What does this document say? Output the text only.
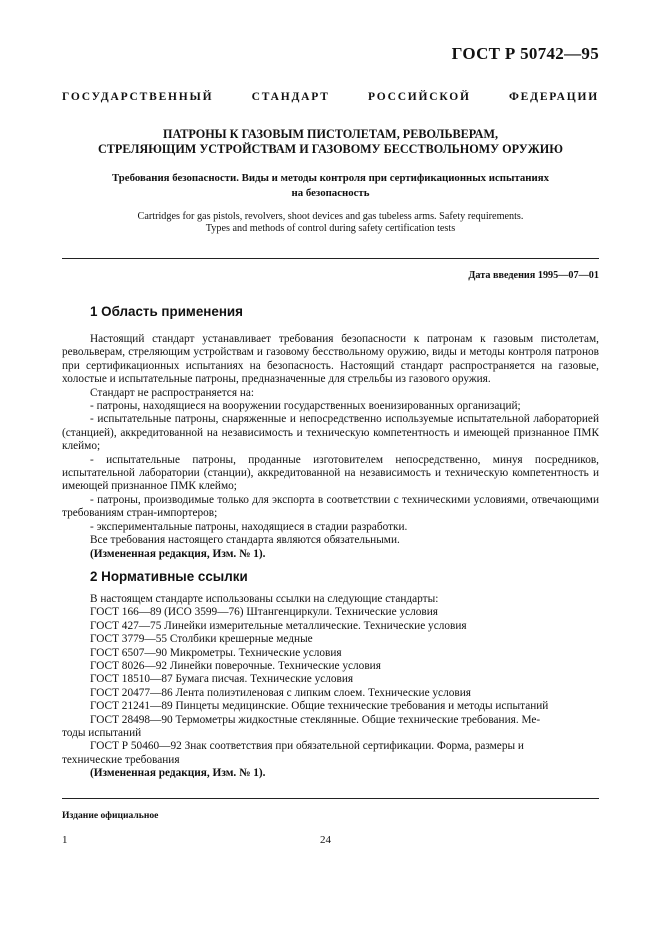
ГОСТ Р 50742—95
ГОСУДАРСТВЕННЫЙ СТАНДАРТ РОССИЙСКОЙ ФЕДЕРАЦИИ
ПАТРОНЫ К ГАЗОВЫМ ПИСТОЛЕТАМ, РЕВОЛЬВЕРАМ,
СТРЕЛЯЮЩИМ УСТРОЙСТВАМ И ГАЗОВОМУ БЕССТВОЛЬНОМУ ОРУЖИЮ
Требования безопасности. Виды и методы контроля при сертификационных испытаниях
на безопасность
Cartridges for gas pistols, revolvers, shoot devices and gas tubeless arms. Safety requirements.
Types and methods of control during safety certification tests
Дата введения 1995—07—01
1 Область применения

Настоящий стандарт устанавливает требования безопасности к патронам к газовым пистолетам, револьверам, стреляющим устройствам и газовому бесствольному оружию, виды и методы контроля патронов при сертификационных испытаниях на безопасность. Настоящий стандарт распространяется на газовые, холостые и испытательные патроны, предназначенные для стрельбы из газового оружия.

Стандарт не распространяется на:

- патроны, находящиеся на вооружении государственных военизированных организаций;

- испытательные патроны, снаряженные и непосредственно используемые испытательной лабораторией (станцией), аккредитованной на независимость и техническую компетентность и имеющей признанное ПМК клеймо;

- испытательные патроны, проданные изготовителем непосредственно, минуя посредников, испытательной лаборатории (станции), аккредитованной на независимость и техническую компетентность и имеющей признанное ПМК клеймо;

- патроны, производимые только для экспорта в соответствии с техническими условиями, отвечающими требованиям стран-импортеров;

- экспериментальные патроны, находящиеся в стадии разработки.

Все требования настоящего стандарта являются обязательными.

(Измененная редакция, Изм. № 1).

2 Нормативные ссылки

В настоящем стандарте использованы ссылки на следующие стандарты:

ГОСТ 166—89 (ИСО 3599—76) Штангенциркули. Технические условия

ГОСТ 427—75 Линейки измерительные металлические. Технические условия

ГОСТ 3779—55 Столбики крешерные медные

ГОСТ 6507—90 Микрометры. Технические условия

ГОСТ 8026—92 Линейки поверочные. Технические условия

ГОСТ 18510—87 Бумага писчая. Технические условия

ГОСТ 20477—86 Лента полиэтиленовая с липким слоем. Технические условия

ГОСТ 21241—89 Пинцеты медицинские. Общие технические требования и методы испытаний

ГОСТ 28498—90 Термометры жидкостные стеклянные. Общие технические требования. Ме-
тоды испытаний

ГОСТ Р 50460—92 Знак соответствия при обязательной сертификации. Форма, размеры и
технические требования

(Измененная редакция, Изм. № 1).

Издание официальное
1	24
